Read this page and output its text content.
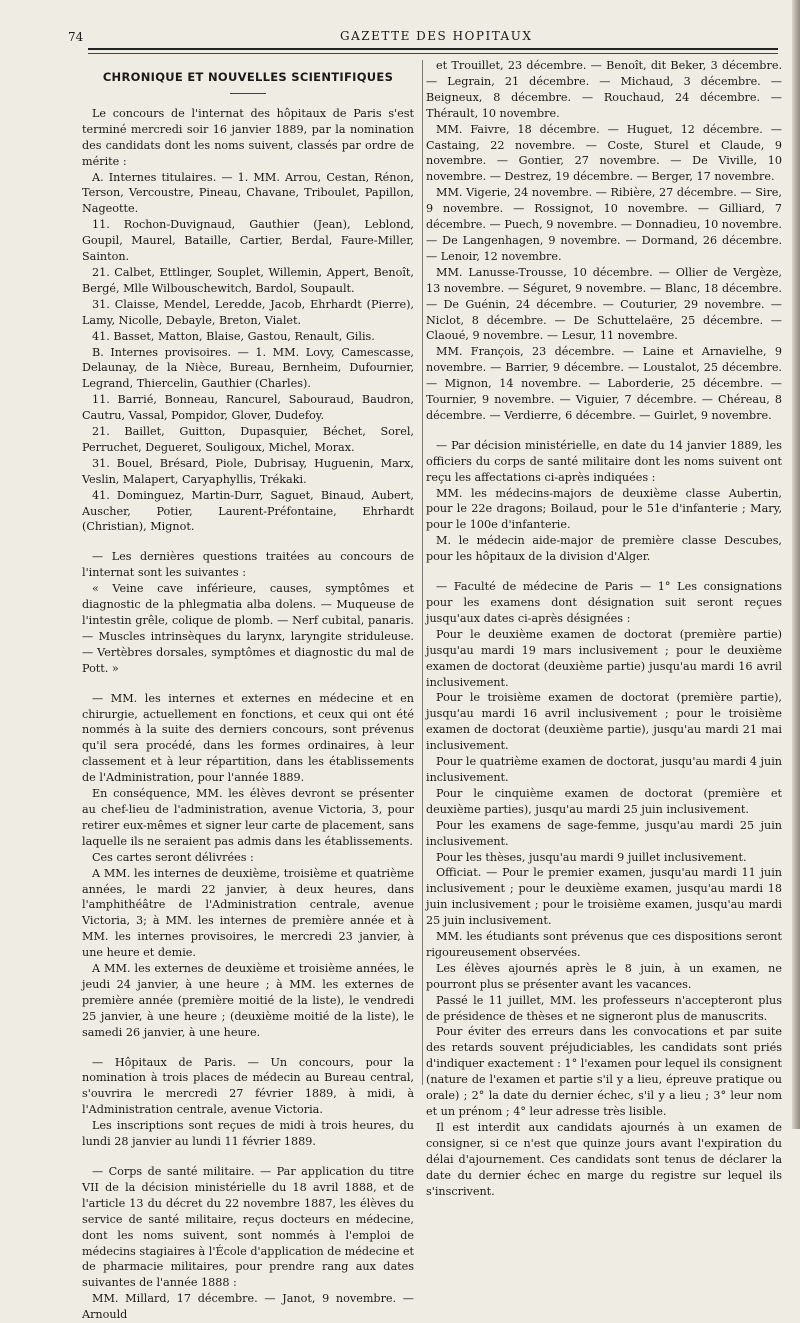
74	GAZETTE DES HOPITAUX
CHRONIQUE ET NOUVELLES SCIENTIFIQUES

Le concours de l'internat des hôpitaux de Paris s'est terminé mercredi soir 16 janvier 1889, par la nomination des candidats dont les noms suivent, classés par ordre de mérite :

A. Internes titulaires. — 1. MM. Arrou, Cestan, Rénon, Terson, Vercoustre, Pineau, Chavane, Triboulet, Papillon, Nageotte.

11. Rochon-Duvignaud, Gauthier (Jean), Leblond, Goupil, Maurel, Bataille, Cartier, Berdal, Faure-Miller, Sainton.

21. Calbet, Ettlinger, Souplet, Willemin, Appert, Benoît, Bergé, Mlle Wilbouschewitch, Bardol, Soupault.

31. Claisse, Mendel, Leredde, Jacob, Ehrhardt (Pierre), Lamy, Nicolle, Debayle, Breton, Vialet.

41. Basset, Matton, Blaise, Gastou, Renault, Gilis.

B. Internes provisoires. — 1. MM. Lovy, Camescasse, Delaunay, de la Nièce, Bureau, Bernheim, Dufournier, Legrand, Thiercelin, Gauthier (Charles).

11. Barrié, Bonneau, Rancurel, Sabouraud, Baudron, Cautru, Vassal, Pompidor, Glover, Dudefoy.

21. Baillet, Guitton, Dupasquier, Béchet, Sorel, Perruchet, Degueret, Souligoux, Michel, Morax.

31. Bouel, Brésard, Piole, Dubrisay, Huguenin, Marx, Veslin, Malapert, Caryaphyllis, Trékaki.

41. Dominguez, Martin-Durr, Saguet, Binaud, Aubert, Auscher, Potier, Laurent-Préfontaine, Ehrhardt (Christian), Mignot.

— Les dernières questions traitées au concours de l'internat sont les suivantes :

« Veine cave inférieure, causes, symptômes et diagnostic de la phlegmatia alba dolens. — Muqueuse de l'intestin grêle, colique de plomb. — Nerf cubital, panaris. — Muscles intrinsèques du larynx, laryngite striduleuse. — Vertèbres dorsales, symptômes et diagnostic du mal de Pott. »

— MM. les internes et externes en médecine et en chirurgie, actuellement en fonctions, et ceux qui ont été nommés à la suite des derniers concours, sont prévenus qu'il sera procédé, dans les formes ordinaires, à leur classement et à leur répartition, dans les établissements de l'Administration, pour l'année 1889.

En conséquence, MM. les élèves devront se présenter au chef-lieu de l'administration, avenue Victoria, 3, pour retirer eux-mêmes et signer leur carte de placement, sans laquelle ils ne seraient pas admis dans les établissements.

Ces cartes seront délivrées :

A MM. les internes de deuxième, troisième et quatrième années, le mardi 22 janvier, à deux heures, dans l'amphithéâtre de l'Administration centrale, avenue Victoria, 3; à MM. les internes de première année et à MM. les internes provisoires, le mercredi 23 janvier, à une heure et demie.

A MM. les externes de deuxième et troisième années, le jeudi 24 janvier, à une heure ; à MM. les externes de première année (première moitié de la liste), le vendredi 25 janvier, à une heure ; (deuxième moitié de la liste), le samedi 26 janvier, à une heure.

— Hôpitaux de Paris. — Un concours, pour la nomination à trois places de médecin au Bureau central, s'ouvrira le mercredi 27 février 1889, à midi, à l'Administration centrale, avenue Victoria.

Les inscriptions sont reçues de midi à trois heures, du lundi 28 janvier au lundi 11 février 1889.

— Corps de santé militaire. — Par application du titre VII de la décision ministérielle du 18 avril 1888, et de l'article 13 du décret du 22 novembre 1887, les élèves du service de santé militaire, reçus docteurs en médecine, dont les noms suivent, sont nommés à l'emploi de médecins stagiaires à l'École d'application de médecine et de pharmacie militaires, pour prendre rang aux dates suivantes de l'année 1888 :

MM. Millard, 17 décembre. — Janot, 9 novembre. — Arnould

et Trouillet, 23 décembre. — Benoît, dit Beker, 3 décembre. — Legrain, 21 décembre. — Michaud, 3 décembre. — Beigneux, 8 décembre. — Rouchaud, 24 décembre. — Thérault, 10 novembre.

MM. Faivre, 18 décembre. — Huguet, 12 décembre. — Castaing, 22 novembre. — Coste, Sturel et Claude, 9 novembre. — Gontier, 27 novembre. — De Viville, 10 novembre. — Destrez, 19 décembre. — Berger, 17 novembre.

MM. Vigerie, 24 novembre. — Ribière, 27 décembre. — Sire, 9 novembre. — Rossignot, 10 novembre. — Gilliard, 7 décembre. — Puech, 9 novembre. — Donnadieu, 10 novembre. — De Langenhagen, 9 novembre. — Dormand, 26 décembre. — Lenoir, 12 novembre.

MM. Lanusse-Trousse, 10 décembre. — Ollier de Vergèze, 13 novembre. — Séguret, 9 novembre. — Blanc, 18 décembre. — De Guénin, 24 décembre. — Couturier, 29 novembre. — Niclot, 8 décembre. — De Schuttelaëre, 25 décembre. — Claoué, 9 novembre. — Lesur, 11 novembre.

MM. François, 23 décembre. — Laine et Arnavielhe, 9 novembre. — Barrier, 9 décembre. — Loustalot, 25 décembre. — Mignon, 14 novembre. — Laborderie, 25 décembre. — Tournier, 9 novembre. — Viguier, 7 décembre. — Chéreau, 8 décembre. — Verdierre, 6 décembre. — Guirlet, 9 novembre.

— Par décision ministérielle, en date du 14 janvier 1889, les officiers du corps de santé militaire dont les noms suivent ont reçu les affectations ci-après indiquées :

MM. les médecins-majors de deuxième classe Aubertin, pour le 22e dragons; Boilaud, pour le 51e d'infanterie ; Mary, pour le 100e d'infanterie.

M. le médecin aide-major de première classe Descubes, pour les hôpitaux de la division d'Alger.

— Faculté de médecine de Paris — 1° Les consignations pour les examens dont désignation suit seront reçues jusqu'aux dates ci-après désignées :

Pour le deuxième examen de doctorat (première partie) jusqu'au mardi 19 mars inclusivement ; pour le deuxième examen de doctorat (deuxième partie) jusqu'au mardi 16 avril inclusivement.

Pour le troisième examen de doctorat (première partie), jusqu'au mardi 16 avril inclusivement ; pour le troisième examen de doctorat (deuxième partie), jusqu'au mardi 21 mai inclusivement.

Pour le quatrième examen de doctorat, jusqu'au mardi 4 juin inclusivement.

Pour le cinquième examen de doctorat (première et deuxième parties), jusqu'au mardi 25 juin inclusivement.

Pour les examens de sage-femme, jusqu'au mardi 25 juin inclusivement.

Pour les thèses, jusqu'au mardi 9 juillet inclusivement.

Officiat. — Pour le premier examen, jusqu'au mardi 11 juin inclusivement ; pour le deuxième examen, jusqu'au mardi 18 juin inclusivement ; pour le troisième examen, jusqu'au mardi 25 juin inclusivement.

MM. les étudiants sont prévenus que ces dispositions seront rigoureusement observées.

Les élèves ajournés après le 8 juin, à un examen, ne pourront plus se présenter avant les vacances.

Passé le 11 juillet, MM. les professeurs n'accepteront plus de présidence de thèses et ne signeront plus de manuscrits.

Pour éviter des erreurs dans les convocations et par suite des retards souvent préjudiciables, les candidats sont priés d'indiquer exactement : 1° l'examen pour lequel ils consignent (nature de l'examen et partie s'il y a lieu, épreuve pratique ou orale) ; 2° la date du dernier échec, s'il y a lieu ; 3° leur nom et un prénom ; 4° leur adresse très lisible.

Il est interdit aux candidats ajournés à un examen de consigner, si ce n'est que quinze jours avant l'expiration du délai d'ajournement. Ces candidats sont tenus de déclarer la date du dernier échec en marge du registre sur lequel ils s'inscrivent.
